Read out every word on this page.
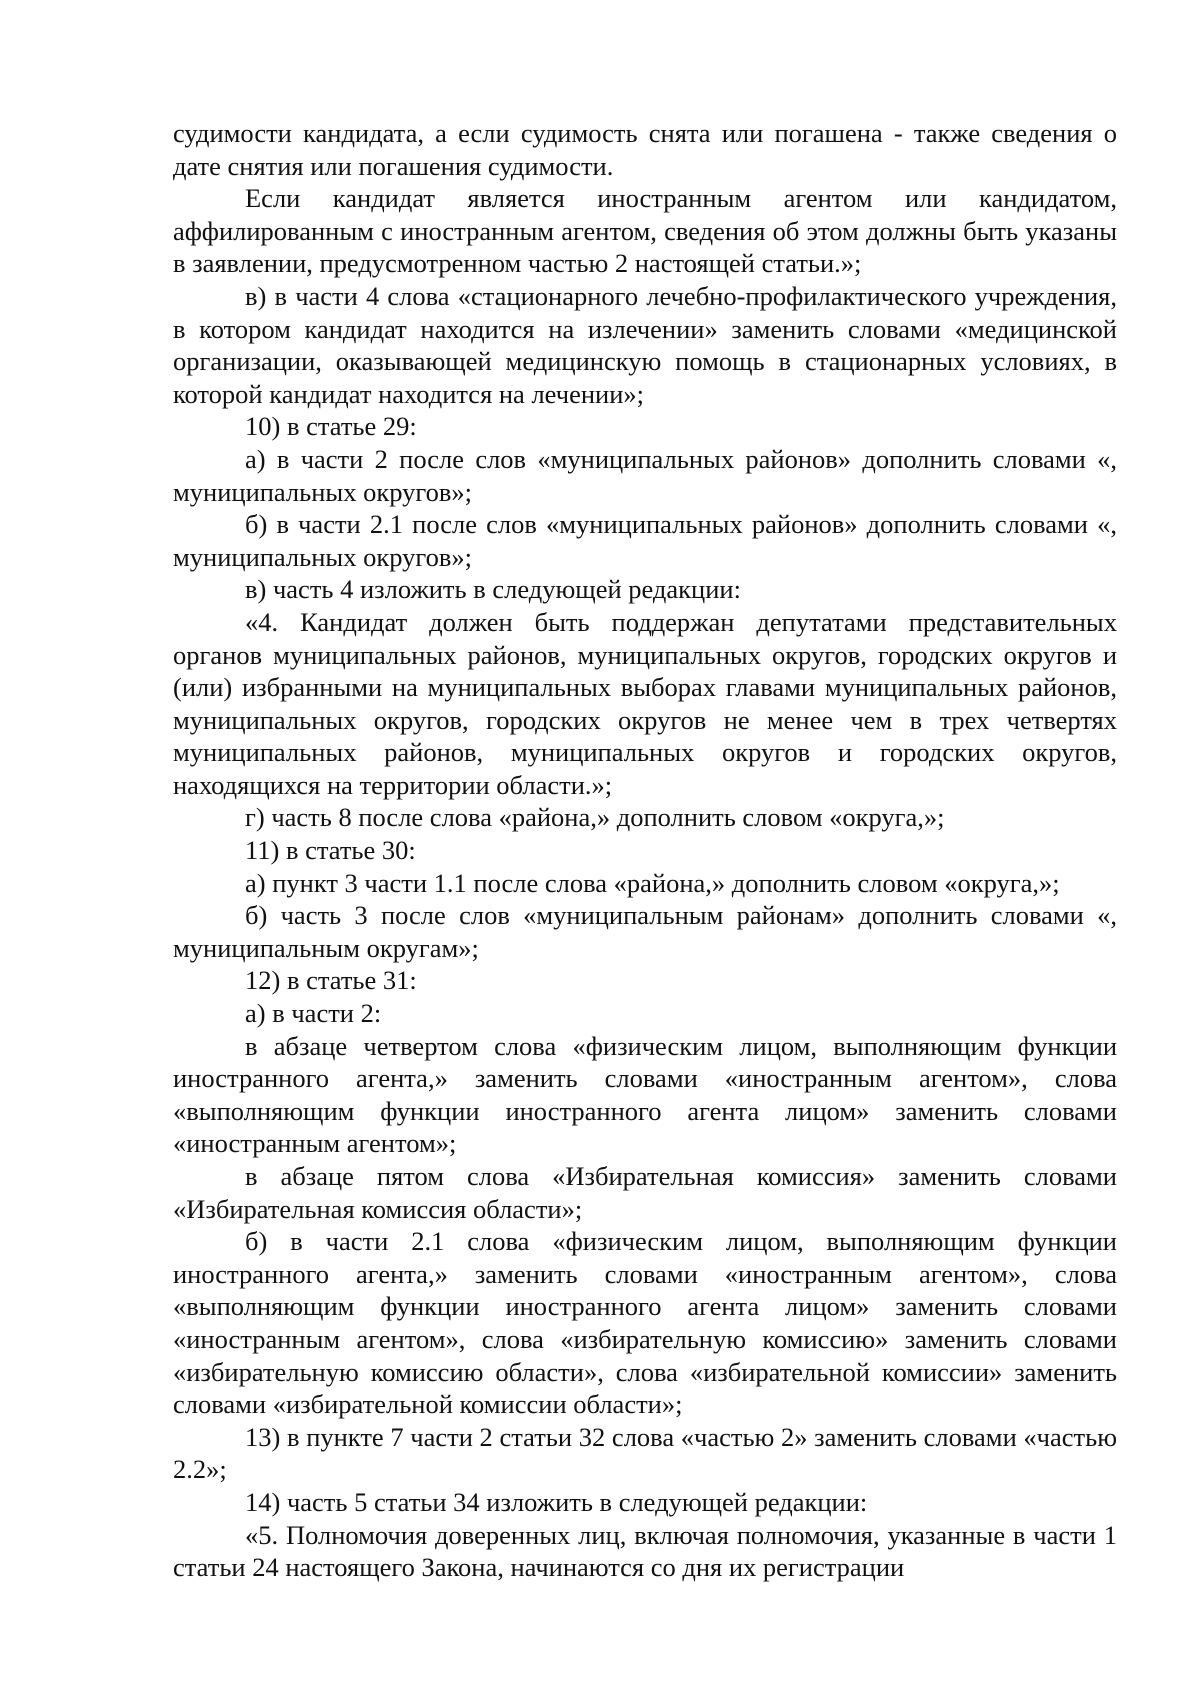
судимости кандидата, а если судимость снята или погашена - также сведения о дате снятия или погашения судимости.

Если кандидат является иностранным агентом или кандидатом, аффилированным с иностранным агентом, сведения об этом должны быть указаны в заявлении, предусмотренном частью 2 настоящей статьи.»;

в) в части 4 слова «стационарного лечебно-профилактического учреждения, в котором кандидат находится на излечении» заменить словами «медицинской организации, оказывающей медицинскую помощь в стационарных условиях, в которой кандидат находится на лечении»;

10) в статье 29:

а) в части 2 после слов «муниципальных районов» дополнить словами «, муниципальных округов»;

б) в части 2.1 после слов «муниципальных районов» дополнить словами «, муниципальных округов»;

в) часть 4 изложить в следующей редакции:

«4. Кандидат должен быть поддержан депутатами представительных органов муниципальных районов, муниципальных округов, городских округов и (или) избранными на муниципальных выборах главами муниципальных районов, муниципальных округов, городских округов не менее чем в трех четвертях муниципальных районов, муниципальных округов и городских округов, находящихся на территории области.»;

г) часть 8 после слова «района,» дополнить словом «округа,»;

11) в статье 30:

а) пункт 3 части 1.1 после слова «района,» дополнить словом «округа,»;

б) часть 3 после слов «муниципальным районам» дополнить словами «, муниципальным округам»;

12) в статье 31:

а) в части 2:

в абзаце четвертом слова «физическим лицом, выполняющим функции иностранного агента,» заменить словами «иностранным агентом», слова «выполняющим функции иностранного агента лицом» заменить словами «иностранным агентом»;

в абзаце пятом слова «Избирательная комиссия» заменить словами «Избирательная комиссия области»;

б) в части 2.1 слова «физическим лицом, выполняющим функции иностранного агента,» заменить словами «иностранным агентом», слова «выполняющим функции иностранного агента лицом» заменить словами «иностранным агентом», слова «избирательную комиссию» заменить словами «избирательную комиссию области», слова «избирательной комиссии» заменить словами «избирательной комиссии области»;

13) в пункте 7 части 2 статьи 32 слова «частью 2» заменить словами «частью 2.2»;

14) часть 5 статьи 34 изложить в следующей редакции:

«5. Полномочия доверенных лиц, включая полномочия, указанные в части 1 статьи 24 настоящего Закона, начинаются со дня их регистрации
